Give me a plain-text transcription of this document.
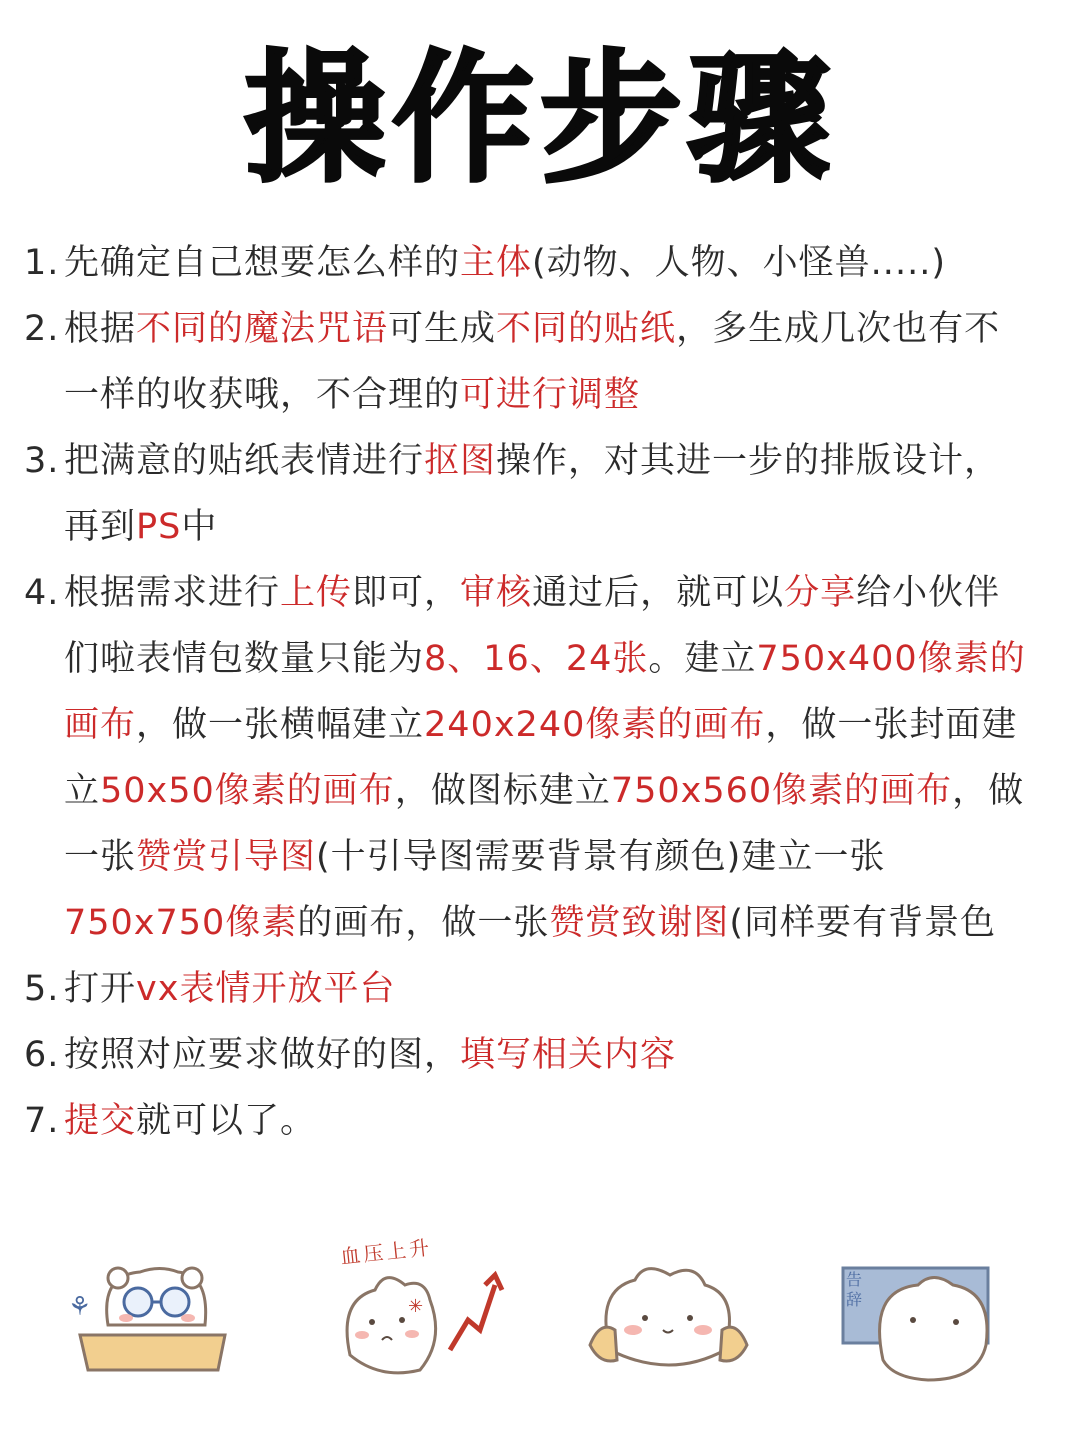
操作步骤
1. 先确定自己想要怎么样的主体(动物、人物、小怪兽.....)
2. 根据不同的魔法咒语可生成不同的贴纸，多生成几次也有不一样的收获哦，不合理的可进行调整
3. 把满意的贴纸表情进行抠图操作，对其进一步的排版设计，再到PS中
4. 根据需求进行上传即可，审核通过后，就可以分享给小伙伴们啦表情包数量只能为8、16、24张。建立750x400像素的画布，做一张横幅建立240x240像素的画布，做一张封面建立50x50像素的画布，做图标建立750x560像素的画布，做一张赞赏引导图(十引导图需要背景有颜色)建立一张750x750像素的画布，做一张赞赏致谢图(同样要有背景色
5. 打开vx表情开放平台
6. 按照对应要求做好的图，填写相关内容
7. 提交就可以了。
⚘
血压上升
✳
告辞
